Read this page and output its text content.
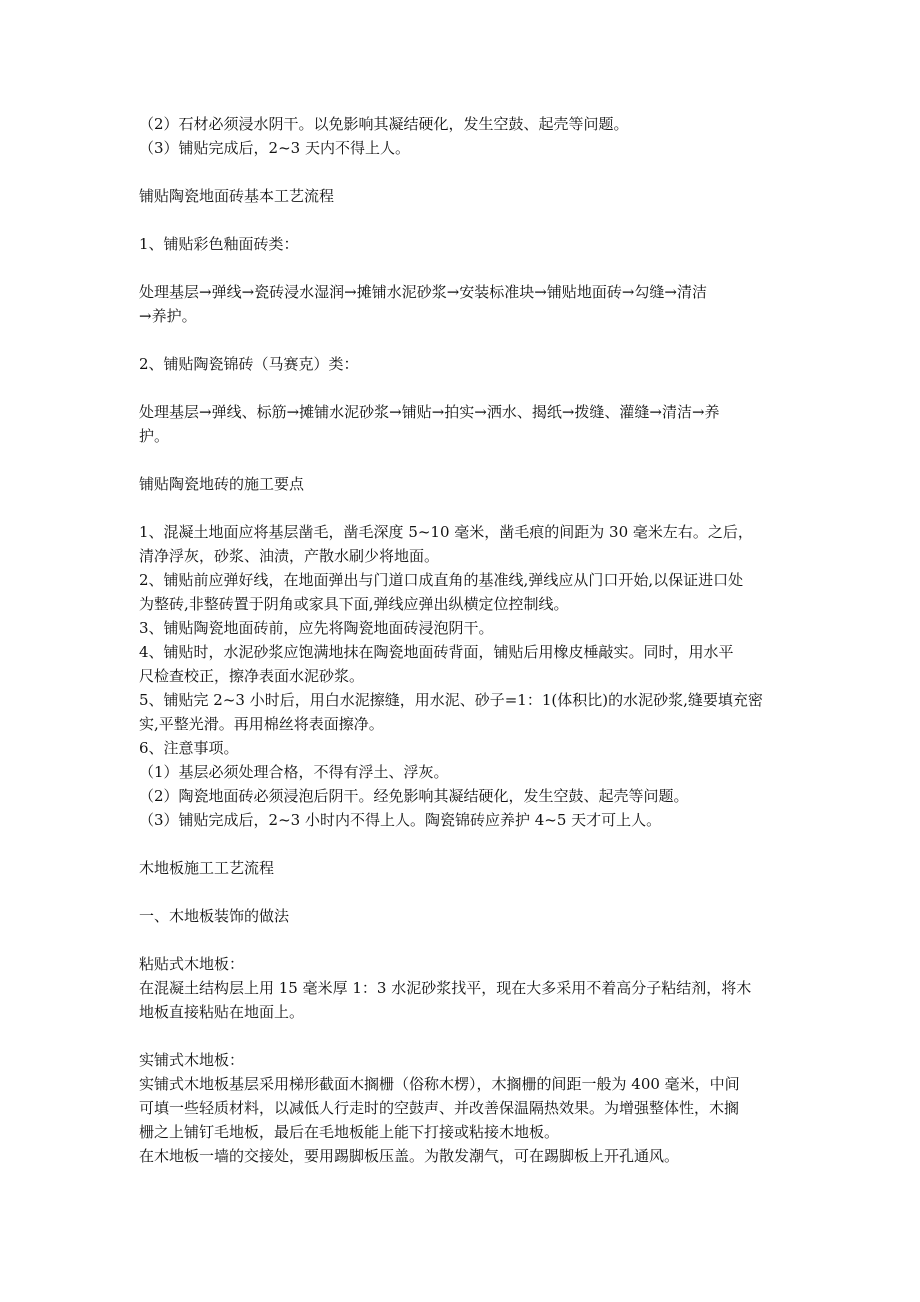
（2）石材必须浸水阴干。以免影响其凝结硬化，发生空鼓、起壳等问题。
（3）铺贴完成后，2~3 天内不得上人。
铺贴陶瓷地面砖基本工艺流程
1、铺贴彩色釉面砖类：
处理基层→弹线→瓷砖浸水湿润→摊铺水泥砂浆→安装标准块→铺贴地面砖→勾缝→清洁
→养护。
2、铺贴陶瓷锦砖（马赛克）类：
处理基层→弹线、标筋→摊铺水泥砂浆→铺贴→拍实→洒水、揭纸→拨缝、灌缝→清洁→养
护。
铺贴陶瓷地砖的施工要点
1、混凝土地面应将基层凿毛，凿毛深度 5~10 毫米，凿毛痕的间距为 30 毫米左右。之后，
清净浮灰，砂浆、油渍，产散水刷少将地面。
2、铺贴前应弹好线，在地面弹出与门道口成直角的基准线,弹线应从门口开始,以保证进口处
为整砖,非整砖置于阴角或家具下面,弹线应弹出纵横定位控制线。
3、铺贴陶瓷地面砖前，应先将陶瓷地面砖浸泡阴干。
4、铺贴时，水泥砂浆应饱满地抹在陶瓷地面砖背面，铺贴后用橡皮棰敲实。同时，用水平
尺检查校正，擦净表面水泥砂浆。
5、铺贴完 2~3 小时后，用白水泥擦缝，用水泥、砂子=1：1(体积比)的水泥砂浆,缝要填充密
实,平整光滑。再用棉丝将表面擦净。
6、注意事项。
（1）基层必须处理合格，不得有浮土、浮灰。
（2）陶瓷地面砖必须浸泡后阴干。经免影响其凝结硬化，发生空鼓、起壳等问题。
（3）铺贴完成后，2~3 小时内不得上人。陶瓷锦砖应养护 4~5 天才可上人。
木地板施工工艺流程
一、木地板装饰的做法
粘贴式木地板：
在混凝土结构层上用 15 毫米厚 1：3 水泥砂浆找平，现在大多采用不着高分子粘结剂，将木
地板直接粘贴在地面上。
实铺式木地板：
实铺式木地板基层采用梯形截面木搁栅（俗称木楞），木搁栅的间距一般为 400 毫米，中间
可填一些轻质材料，以减低人行走时的空鼓声、并改善保温隔热效果。为增强整体性，木搁
栅之上铺钉毛地板，最后在毛地板能上能下打接或粘接木地板。
在木地板一墙的交接处，要用踢脚板压盖。为散发潮气，可在踢脚板上开孔通风。
